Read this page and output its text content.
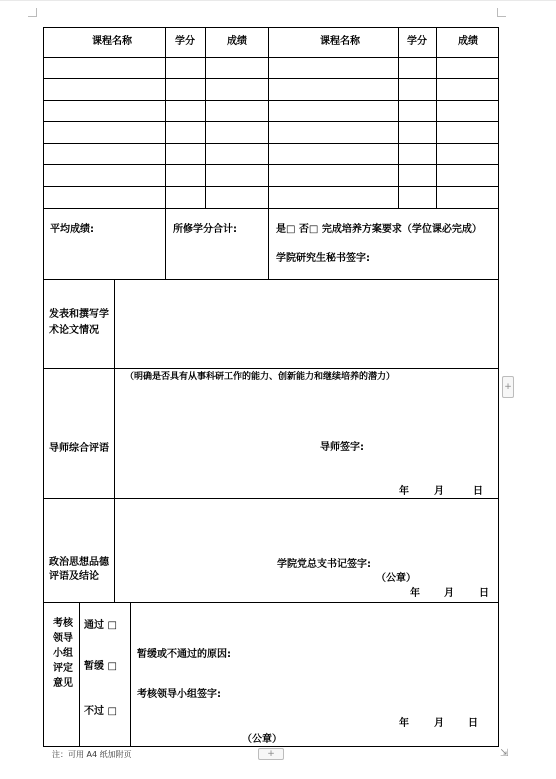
课程名称	学分	成绩	课程名称	学分	成绩
平均成绩:	所修学分合计:	是□ 否□ 完成培养方案要求（学位课必完成）
学院研究生秘书签字:
发表和撰写学术论文情况
导师综合评语
（明确是否具有从事科研工作的能力、创新能力和继续培养的潜力）
导师签字:
年	月	日
政治思想品德评语及结论
学院党总支书记签字:
（公章）
年 月	日
考核领导小组评定意见
通过 □
暂缓 □
不过 □
暂缓或不通过的原因:
考核领导小组签字:
年	月 日
（公章）
注：可用 A4 纸加附页
+
+	⇲
